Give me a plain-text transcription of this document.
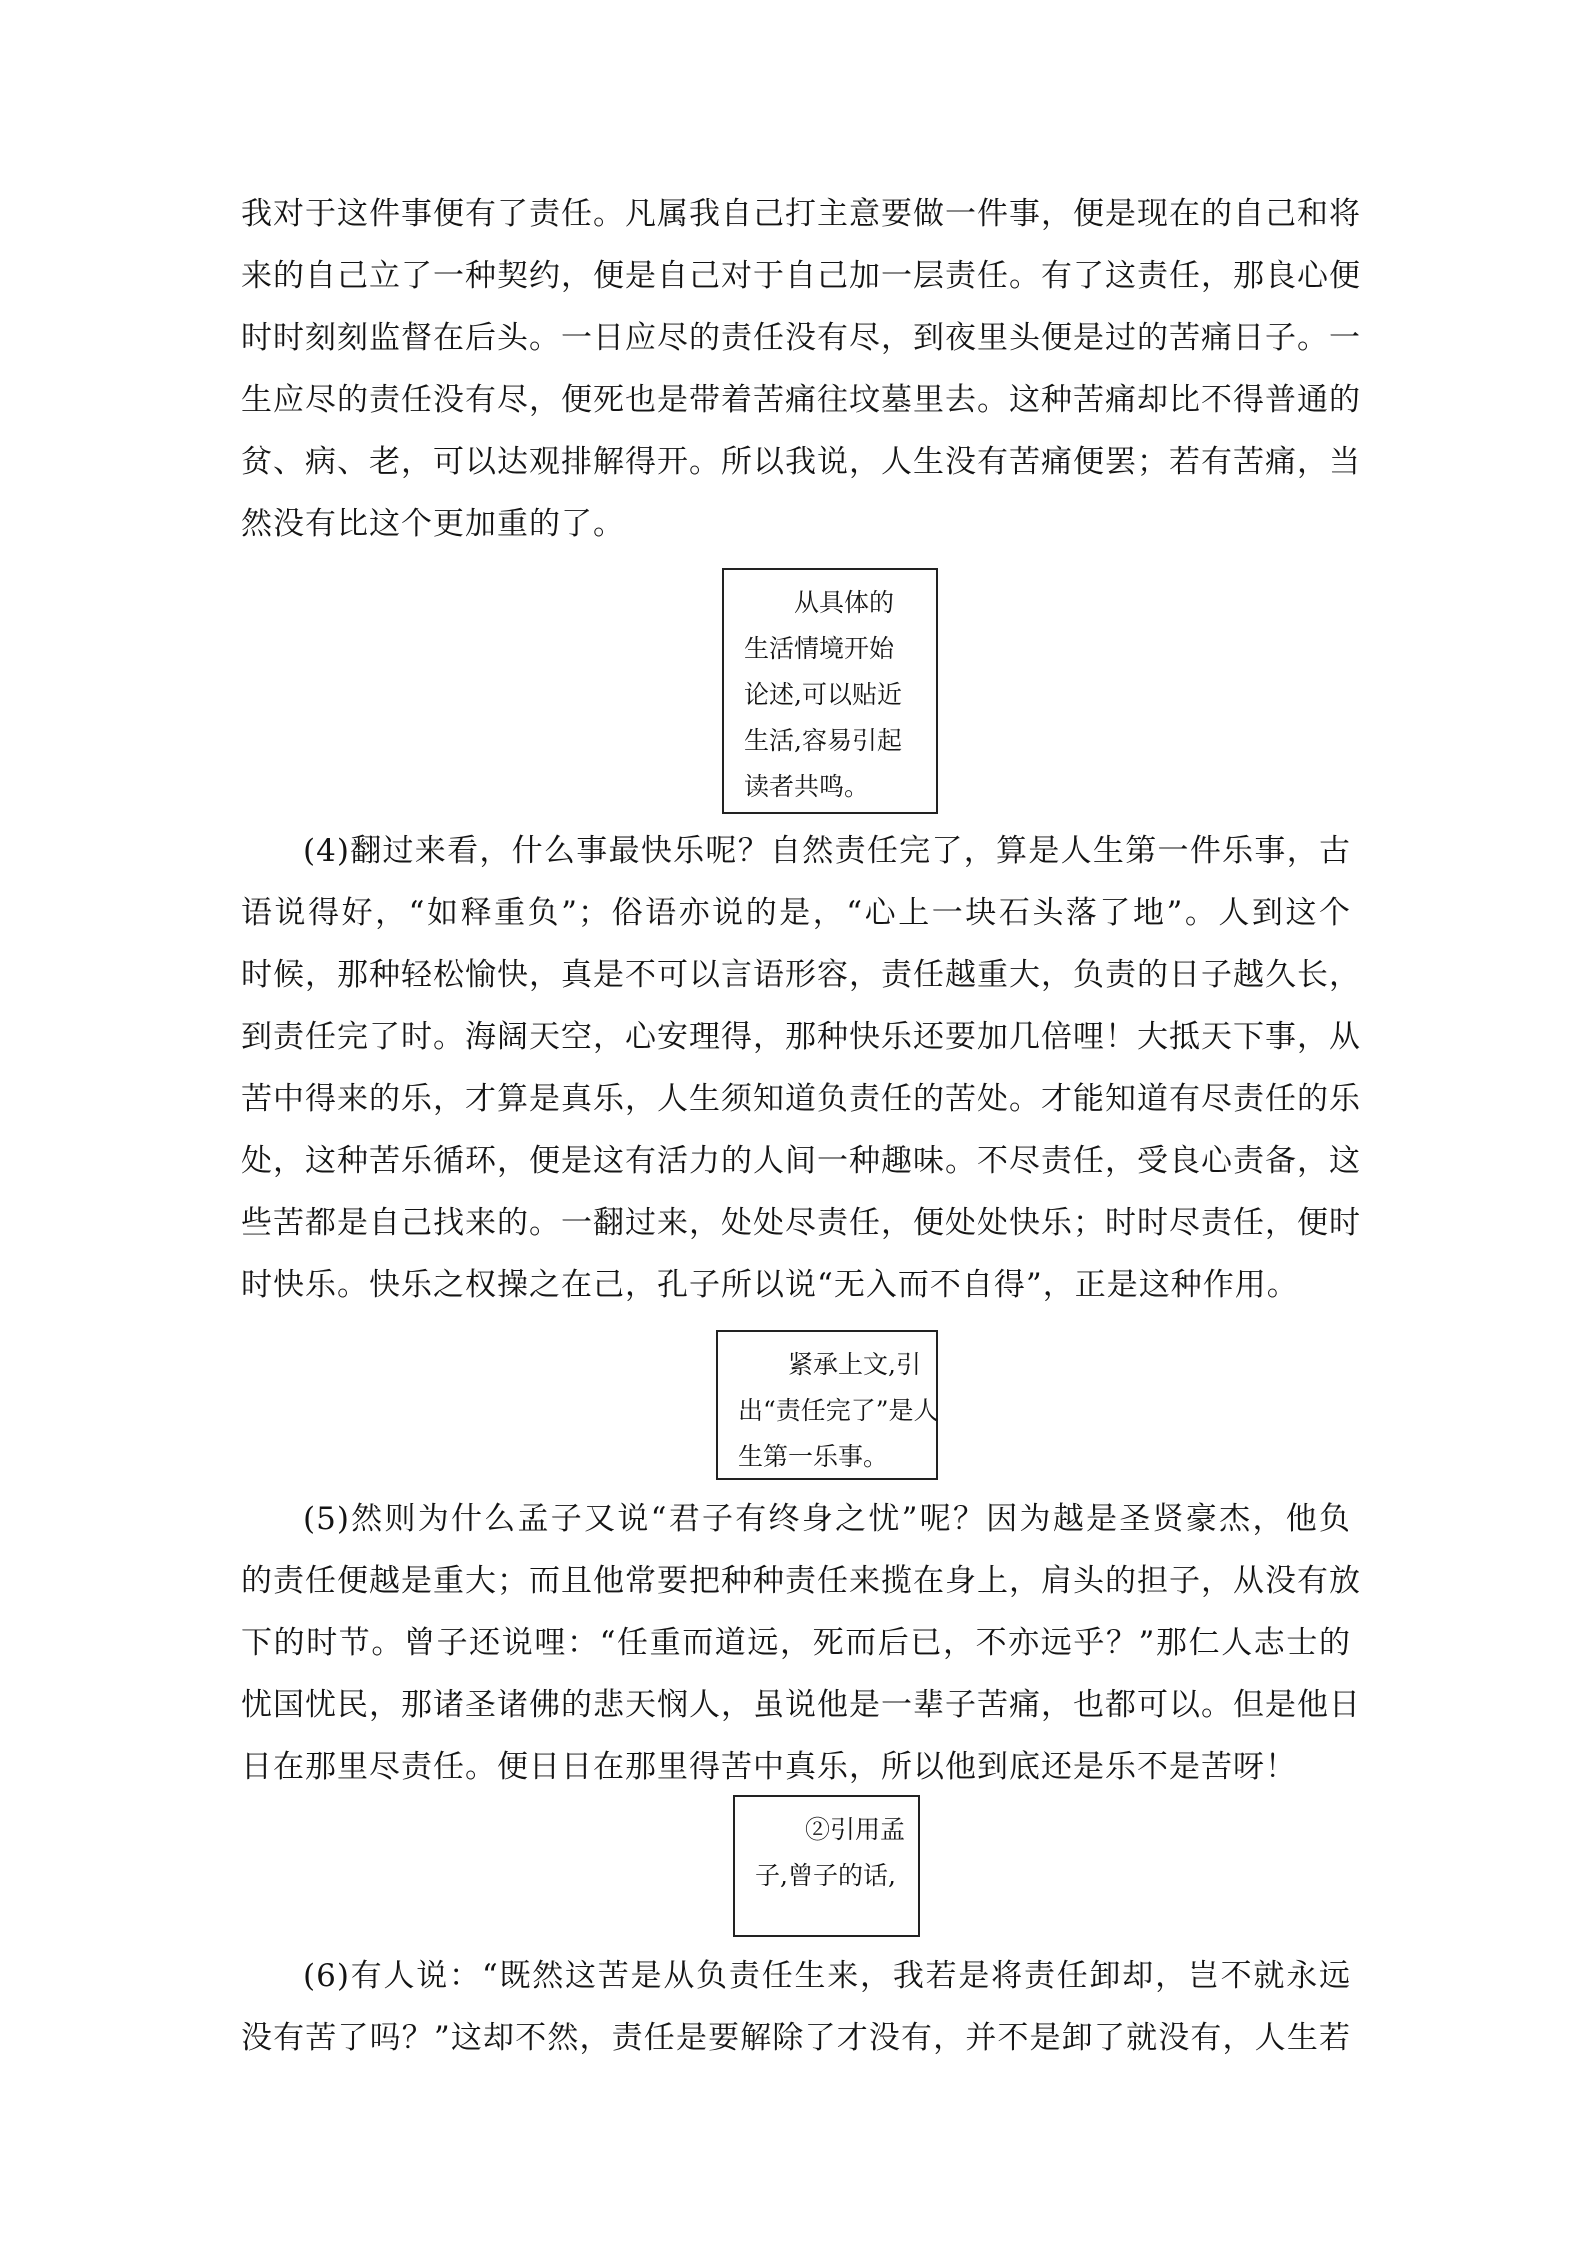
我对于这件事便有了责任。凡属我自己打主意要做一件事，便是现在的自己和将
来的自己立了一种契约，便是自己对于自己加一层责任。有了这责任，那良心便
时时刻刻监督在后头。一日应尽的责任没有尽，到夜里头便是过的苦痛日子。一
生应尽的责任没有尽，便死也是带着苦痛往坟墓里去。这种苦痛却比不得普通的
贫、病、老，可以达观排解得开。所以我说，人生没有苦痛便罢；若有苦痛，当
然没有比这个更加重的了。
从具体的
生活情境开始
论述,可以贴近
生活,容易引起
读者共鸣。
(4)翻过来看，什么事最快乐呢？自然责任完了，算是人生第一件乐事，古
语说得好，“如释重负”；俗语亦说的是，“心上一块石头落了地”。人到这个
时候，那种轻松愉快，真是不可以言语形容，责任越重大，负责的日子越久长，
到责任完了时。海阔天空，心安理得，那种快乐还要加几倍哩！大抵天下事，从
苦中得来的乐，才算是真乐，人生须知道负责任的苦处。才能知道有尽责任的乐
处，这种苦乐循环，便是这有活力的人间一种趣味。不尽责任，受良心责备，这
些苦都是自己找来的。一翻过来，处处尽责任，便处处快乐；时时尽责任，便时
时快乐。快乐之权操之在己，孔子所以说“无入而不自得”，正是这种作用。
紧承上文,引
出“责任完了”是人
生第一乐事。
(5)然则为什么孟子又说“君子有终身之忧”呢？因为越是圣贤豪杰，他负
的责任便越是重大；而且他常要把种种责任来揽在身上，肩头的担子，从没有放
下的时节。曾子还说哩：“任重而道远，死而后已，不亦远乎？”那仁人志士的
忧国忧民，那诸圣诸佛的悲天悯人，虽说他是一辈子苦痛，也都可以。但是他日
日在那里尽责任。便日日在那里得苦中真乐，所以他到底还是乐不是苦呀！
②引用孟
子,曾子的话,
(6)有人说：“既然这苦是从负责任生来，我若是将责任卸却，岂不就永远
没有苦了吗？”这却不然，责任是要解除了才没有，并不是卸了就没有，人生若
